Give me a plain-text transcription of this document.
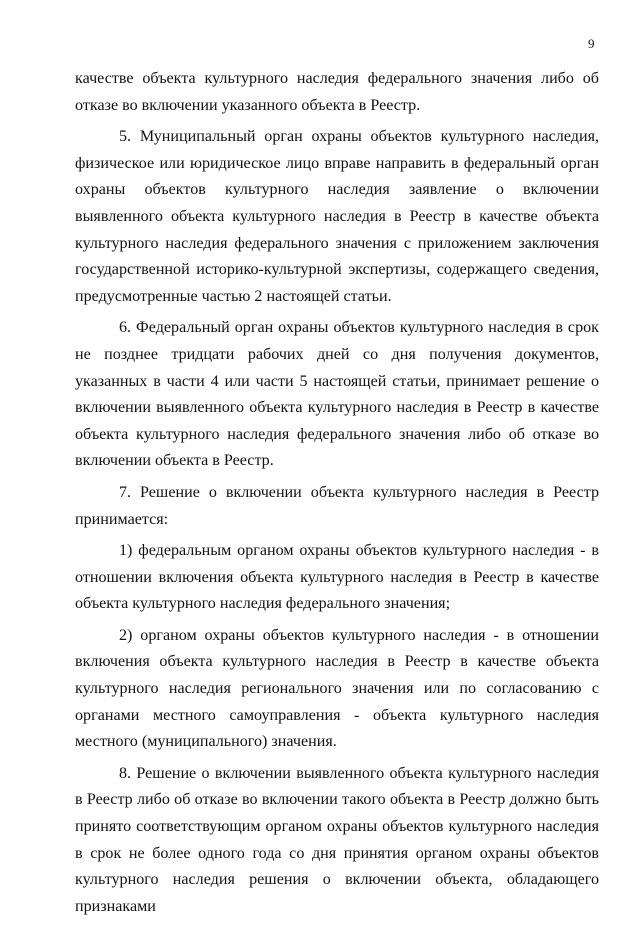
9

качестве объекта культурного наследия федерального значения либо об отказе во включении указанного объекта в Реестр.

5. Муниципальный орган охраны объектов культурного наследия, физическое или юридическое лицо вправе направить в федеральный орган охраны объектов культурного наследия заявление о включении выявленного объекта культурного наследия в Реестр в качестве объекта культурного наследия федерального значения с приложением заключения государственной историко-культурной экспертизы, содержащего сведения, предусмотренные частью 2 настоящей статьи.

6. Федеральный орган охраны объектов культурного наследия в срок не позднее тридцати рабочих дней со дня получения документов, указанных в части 4 или части 5 настоящей статьи, принимает решение о включении выявленного объекта культурного наследия в Реестр в качестве объекта культурного наследия федерального значения либо об отказе во включении объекта в Реестр.

7. Решение о включении объекта культурного наследия в Реестр принимается:

1) федеральным органом охраны объектов культурного наследия - в отношении включения объекта культурного наследия в Реестр в качестве объекта культурного наследия федерального значения;

2) органом охраны объектов культурного наследия - в отношении включения объекта культурного наследия в Реестр в качестве объекта культурного наследия регионального значения или по согласованию с органами местного самоуправления - объекта культурного наследия местного (муниципального) значения.

8. Решение о включении выявленного объекта культурного наследия в Реестр либо об отказе во включении такого объекта в Реестр должно быть принято соответствующим органом охраны объектов культурного наследия в срок не более одного года со дня принятия органом охраны объектов культурного наследия решения о включении объекта, обладающего признаками
